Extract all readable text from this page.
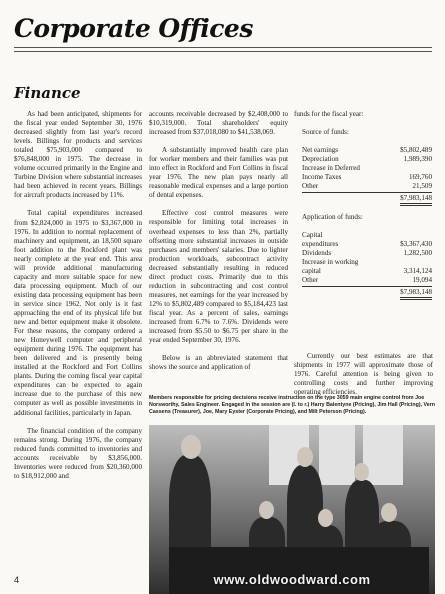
Corporate Offices
Finance

As had been anticipated, shipments for the fiscal year ended September 30, 1976 decreased slightly from last year's record levels. Billings for products and services totaled $75,903,000 compared to $76,848,000 in 1975. The decrease in volume occurred primarily in the Engine and Turbine Division where substantial increases had been achieved in recent years. Billings for aircraft products increased by 11%.

Total capital expenditures increased from $2,824,000 in 1975 to $3,367,000 in 1976. In addition to normal replacement of machinery and equipment, an 18,500 square foot addition to the Rockford plant was nearly complete at the year end. This area will provide additional manufacturing capacity and more suitable space for new data processing equipment. Much of our existing data processing equipment has been in service since 1962. Not only is it fast approaching the end of its physical life but new and better equipment make it obsolete. For these reasons, the company ordered a new Honeywell computer and peripheral equipment during 1976. The equipment has been delivered and is presently being installed at the Rockford and Fort Collins plants. During the coming fiscal year capital expenditures can be expected to again increase due to the purchase of this new computer as well as possible investments in additional facilities, particularly in Japan.

The financial condition of the company remains strong. During 1976, the company reduced funds committed to inventories and accounts receivable by $3,856,000. Inventories were reduced from $20,360,000 to $18,912,000 and

accounts receivable decreased by $2,408,000 to $10,319,000. Total shareholders' equity increased from $37,018,080 to $41,538,069.

A substantially improved health care plan for worker members and their families was put into effect in Rockford and Fort Collins in fiscal year 1976. The new plan pays nearly all reasonable medical expenses and a large portion of dental expenses.

Effective cost control measures were responsible for limiting total increases in overhead expenses to less than 2%, partially offsetting more substantial increases in outside purchases and members' salaries. Due to lighter production workloads, subcontract activity decreased substantially resulting in reduced direct product costs. Primarily due to this reduction in subcontracting and cost control measures, net earnings for the year increased by 12% to $5,802,489 compared to $5,184,423 last fiscal year. As a percent of sales, earnings increased from 6.7% to 7.6%. Dividends were increased from $5.50 to $6.75 per share in the year ended September 30, 1976.

Below is an abbreviated statement that shows the source and application of

funds for the fiscal year:
Source of funds:
Net earnings	$5,802,489
Depreciation	1,989,390
Increase in Deferred
Income Taxes	169,760
Other	21,509
$7,983,148
Application of funds:
Capital
expenditures	$3,367,430
Dividends	1,282,500
Increase in working
capital	3,314,124
Other	19,094
$7,983,148

Currently our best estimates are that shipments in 1977 will approximate those of 1976. Careful attention is being given to controlling costs and further improving operating efficiencies.

Members responsible for pricing decisions receive instruction on the type 3059 main engine control from Joe Norsworthy, Sales Engineer. Engaged in the session are (l. to r.) Harry Balentyne (Pricing), Jim Hall (Pricing), Vern Cassens (Treasurer), Joe, Mary Eyster (Corporate Pricing), and Milt Peterson (Pricing).
4	www.oldwoodward.com
